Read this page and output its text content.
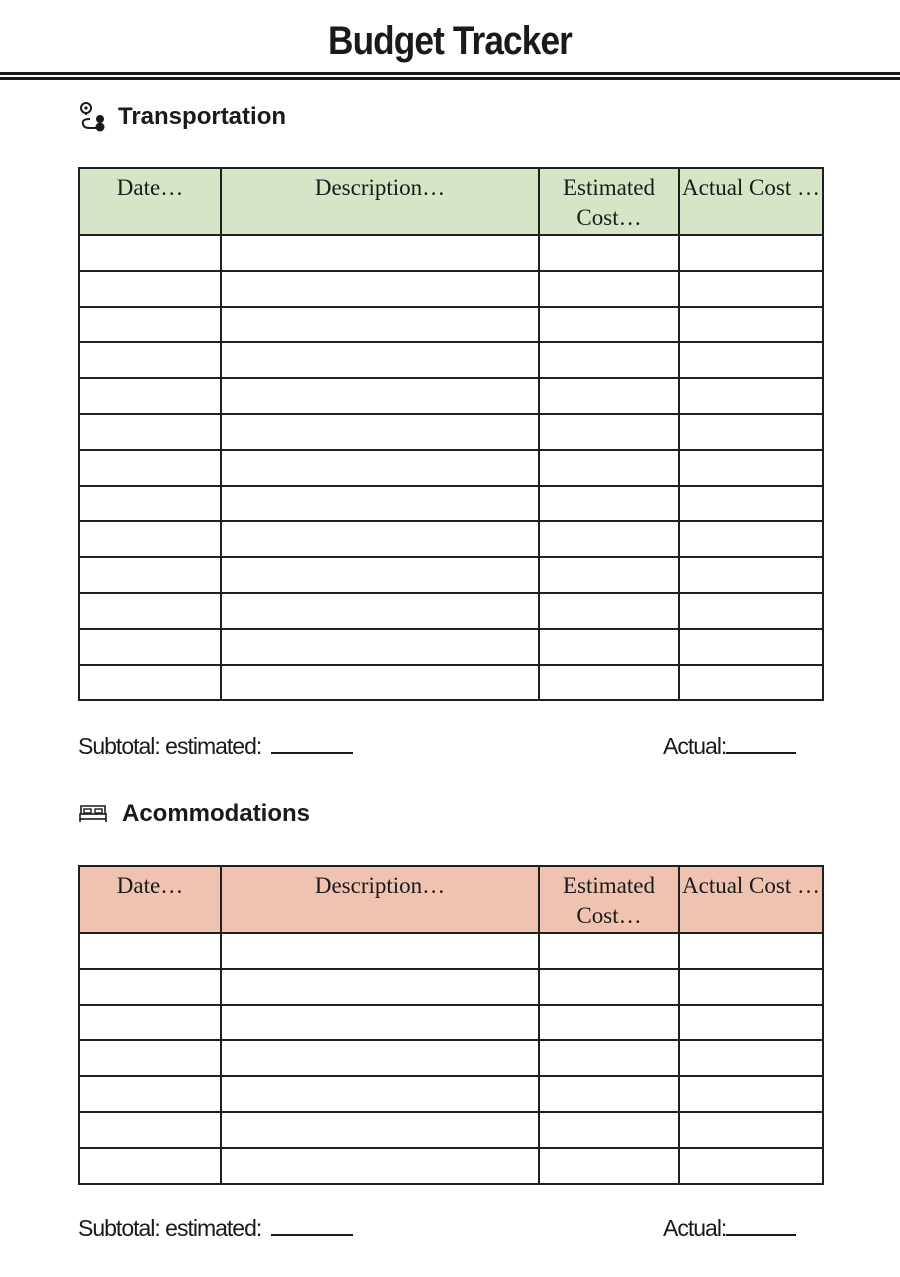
Budget Tracker
Transportation
Date…	Description…	Estimated Cost…	Actual Cost …

Subtotal: estimated:	Actual:
Acommodations
Date…	Description…	Estimated Cost…	Actual Cost …

Subtotal: estimated:	Actual:
